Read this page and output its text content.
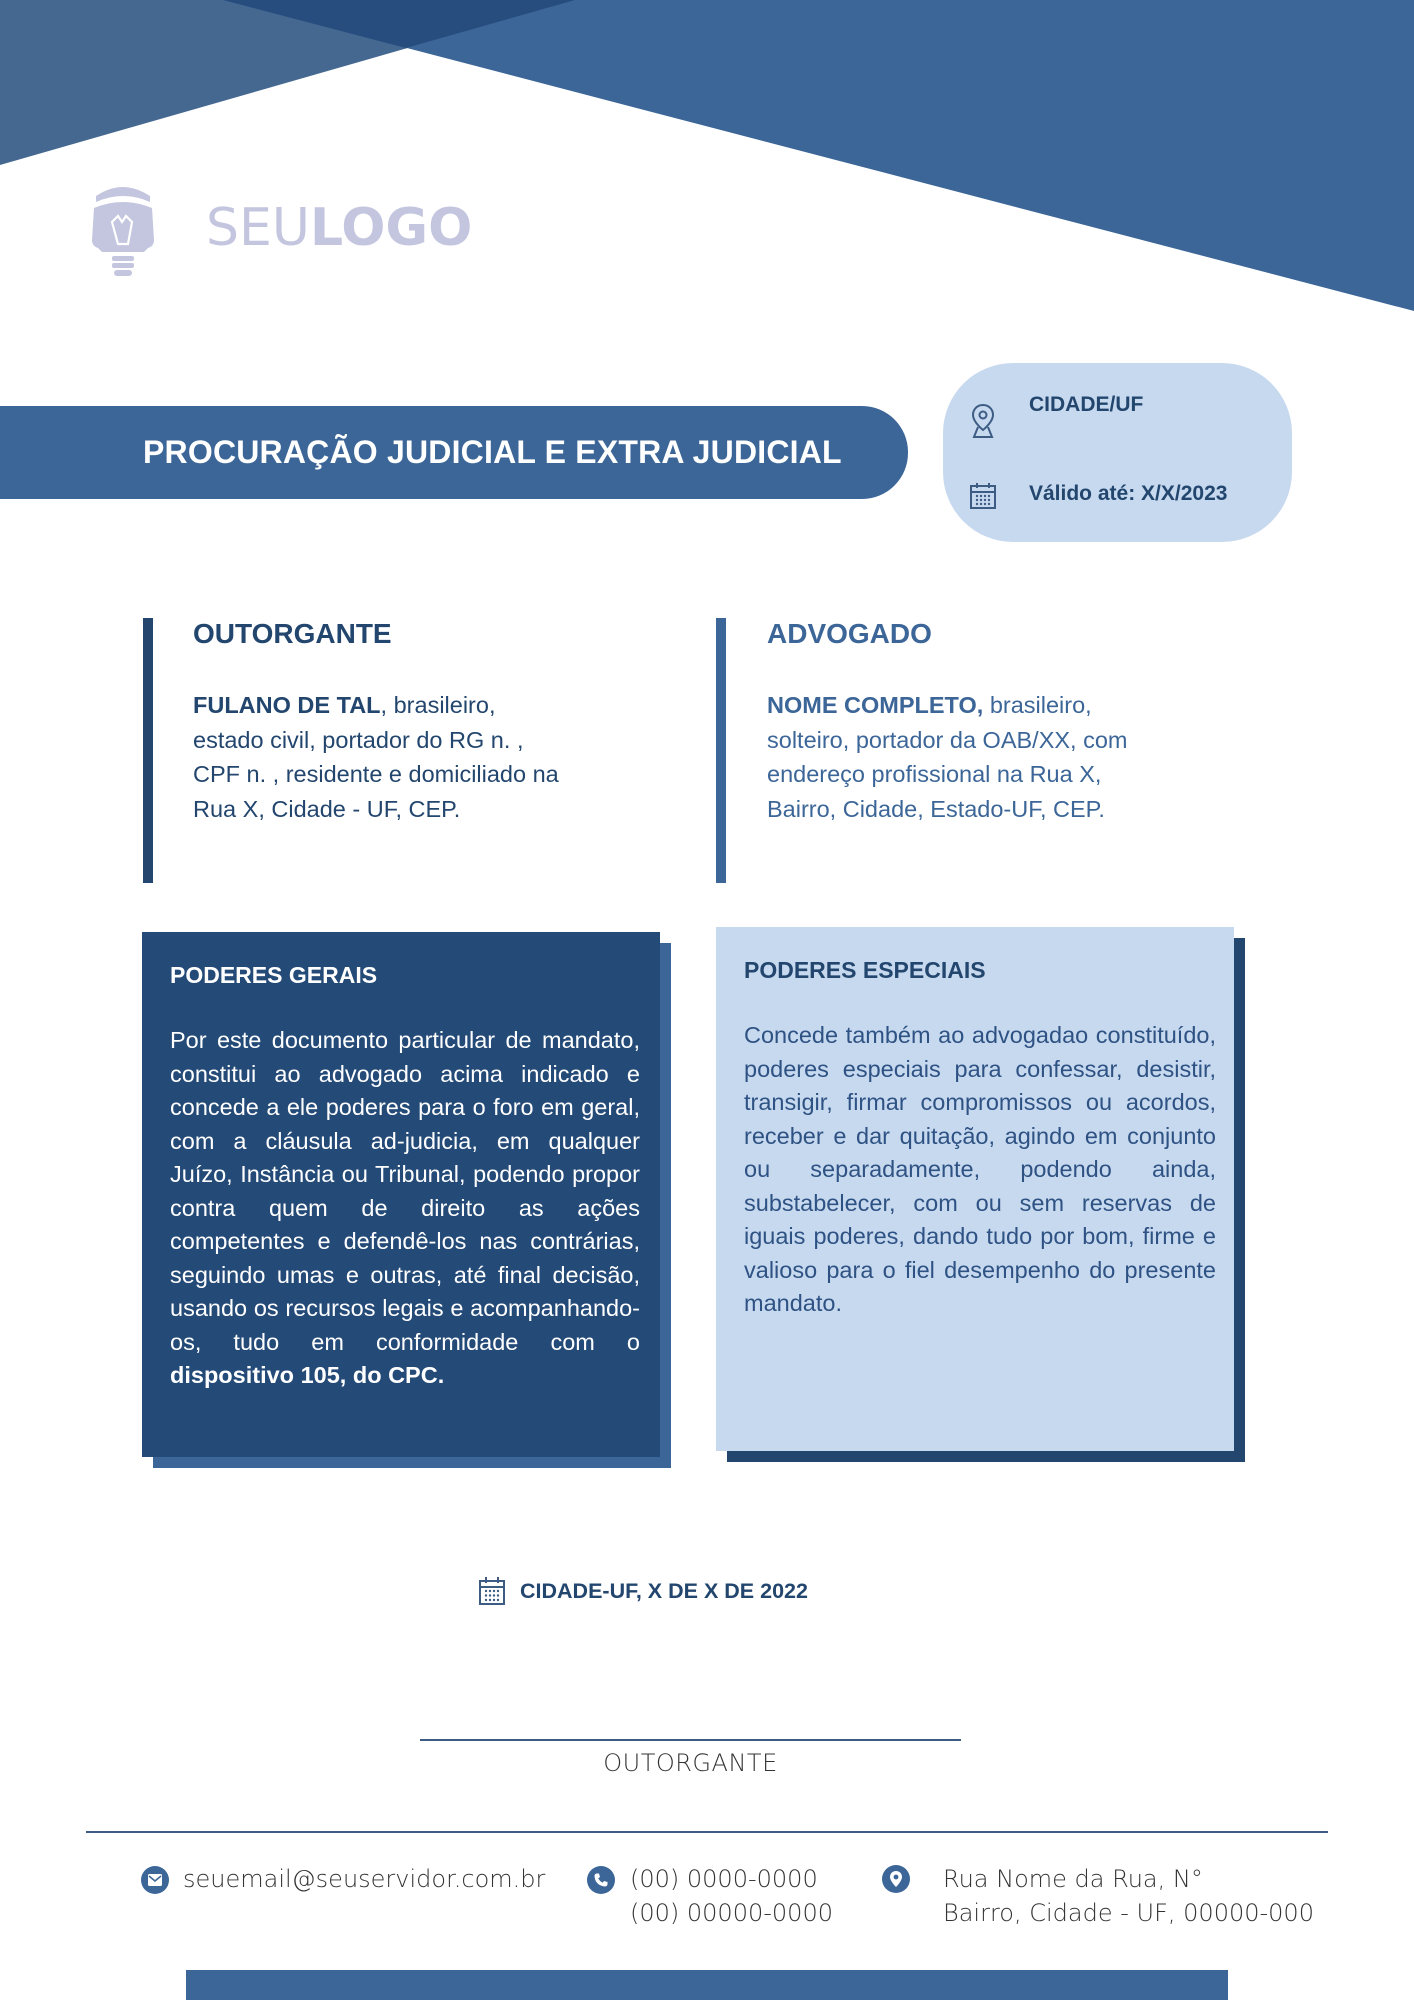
SEULOGO
PROCURAÇÃO JUDICIAL E EXTRA JUDICIAL
CIDADE/UF
Válido até: X/X/2023
OUTORGANTE
FULANO DE TAL, brasileiro,
estado civil, portador do RG n. ,
CPF n. , residente e domiciliado na
Rua X, Cidade - UF, CEP.
ADVOGADO
NOME COMPLETO, brasileiro,
solteiro, portador da OAB/XX, com
endereço profissional na Rua X,
Bairro, Cidade, Estado-UF, CEP.
PODERES GERAIS
Por este documento particular de mandato, constitui ao advogado acima indicado e concede a ele poderes para o foro em geral, com a cláusula ad-judicia, em qualquer Juízo, Instância ou Tribunal, podendo propor contra quem de direito as ações competentes e defendê-los nas contrárias, seguindo umas e outras, até final decisão, usando os recursos legais e acompanhando-os, tudo em conformidade com o dispositivo 105, do CPC.
PODERES ESPECIAIS
Concede também ao advogadao constituído, poderes especiais para confessar, desistir, transigir, firmar compromissos ou acordos, receber e dar quitação, agindo em conjunto ou separadamente, podendo ainda, substabelecer, com ou sem reservas de iguais poderes, dando tudo por bom, firme e valioso para o fiel desempenho do presente mandato.
CIDADE-UF, X DE X DE 2022
OUTORGANTE
seuemail@seuservidor.com.br	(00) 0000-0000
(00) 00000-0000
Rua Nome da Rua, N°
Bairro, Cidade - UF, 00000-000
